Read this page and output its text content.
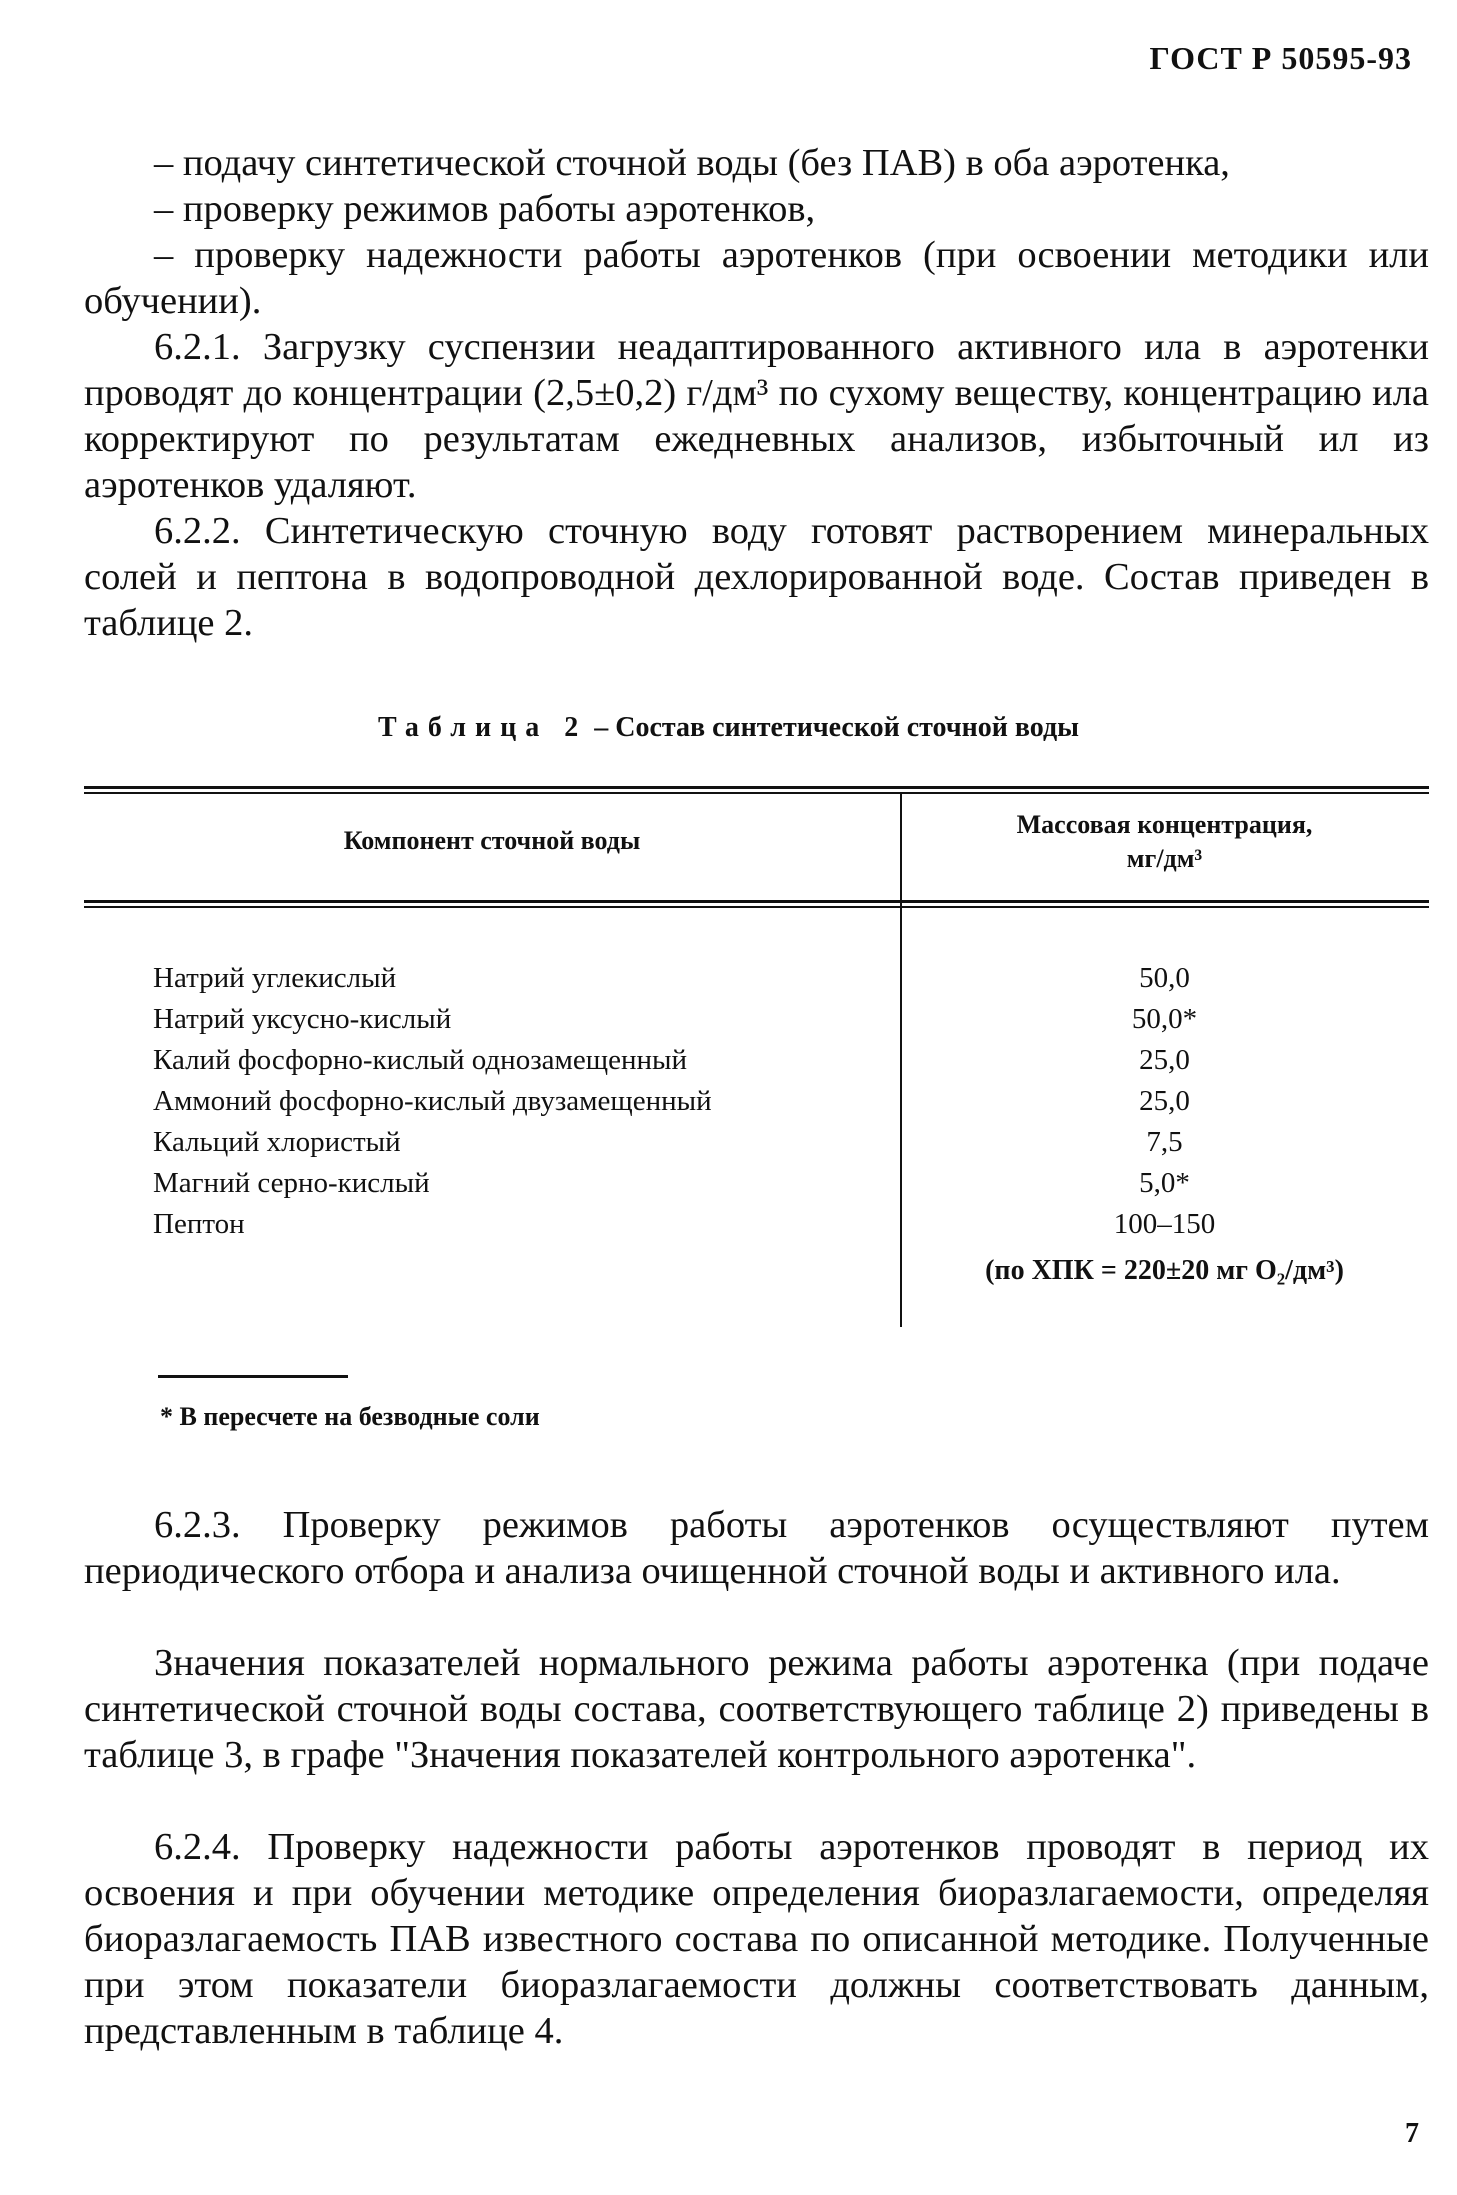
ГОСТ Р 50595-93

– подачу синтетической сточной воды (без ПАВ) в оба аэротенка,

– проверку режимов работы аэротенков,

– проверку надежности работы аэротенков (при освоении методики или обучении).

6.2.1. Загрузку суспензии неадаптированного активного ила в аэротенки проводят до концентрации (2,5±0,2) г/дм³ по сухому веществу, концентрацию ила корректируют по результатам ежедневных анализов, избыточный ил из аэротенков удаляют.

6.2.2. Синтетическую сточную воду готовят растворением минеральных солей и пептона в водопроводной дехлорированной воде. Состав приведен в таблице 2.

Таблица 2 – Состав синтетической сточной воды
Компонент сточной воды
Массовая концентрация,
мг/дм³
Натрий углекислый	50,0
Натрий уксусно-кислый	50,0*
Калий фосфорно-кислый однозамещенный	25,0
Аммоний фосфорно-кислый двузамещенный	25,0
Кальций хлористый	7,5
Магний серно-кислый	5,0*
Пептон	100–150
(по ХПК = 220±20 мг O₂/дм³)
* В пересчете на безводные соли

6.2.3. Проверку режимов работы аэротенков осуществляют путем периодического отбора и анализа очищенной сточной воды и активного ила.

Значения показателей нормального режима работы аэротенка (при подаче синтетической сточной воды состава, соответствующего таблице 2) приведены в таблице 3, в графе "Значения показателей контрольного аэротенка".

6.2.4. Проверку надежности работы аэротенков проводят в период их освоения и при обучении методике определения биоразлагаемости, определяя биоразлагаемость ПАВ известного состава по описанной методике. Полученные при этом показатели биоразлагаемости должны соответствовать данным, представленным в таблице 4.

7
